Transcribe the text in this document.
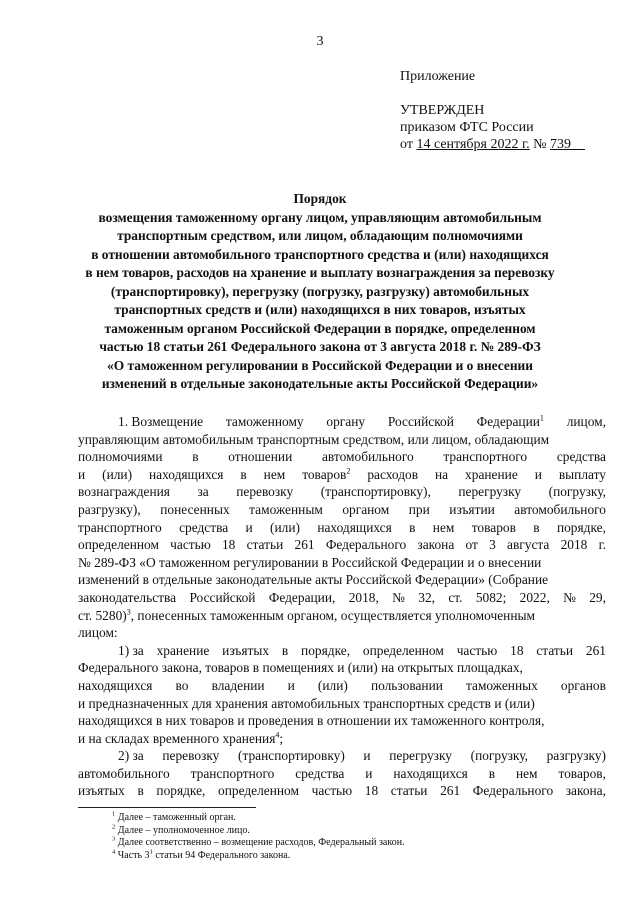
3
Приложение
УТВЕРЖДЕН
приказом ФТС России
от 14 сентября 2022 г. № 739
Порядок
возмещения таможенному органу лицом, управляющим автомобильным
транспортным средством, или лицом, обладающим полномочиями
в отношении автомобильного транспортного средства и (или) находящихся
в нем товаров, расходов на хранение и выплату вознаграждения за перевозку
(транспортировку), перегрузку (погрузку, разгрузку) автомобильных
транспортных средств и (или) находящихся в них товаров, изъятых
таможенным органом Российской Федерации в порядке, определенном
частью 18 статьи 261 Федерального закона от 3 августа 2018 г. № 289-ФЗ
«О таможенном регулировании в Российской Федерации и о внесении
изменений в отдельные законодательные акты Российской Федерации»
1. Возмещение таможенному органу Российской Федерации$^1$ лицом,
управляющим автомобильным транспортным средством, или лицом, обладающим
полномочиями в отношении автомобильного транспортного средства
и (или) находящихся в нем товаров$^2$ расходов на хранение и выплату
вознаграждения за перевозку (транспортировку), перегрузку (погрузку,
разгрузку), понесенных таможенным органом при изъятии автомобильного
транспортного средства и (или) находящихся в нем товаров в порядке,
определенном частью 18 статьи 261 Федерального закона от 3 августа 2018 г.
№ 289-ФЗ «О таможенном регулировании в Российской Федерации и о внесении
изменений в отдельные законодательные акты Российской Федерации» (Собрание
законодательства Российской Федерации, 2018, № 32, ст. 5082; 2022, № 29,
ст. 5280)$^3$ , понесенных таможенным органом, осуществляется уполномоченным
лицом:
1) за хранение изъятых в порядке, определенном частью 18 статьи 261
Федерального закона, товаров в помещениях и (или) на открытых площадках,
находящихся во владении и (или) пользовании таможенных органов
и предназначенных для хранения автомобильных транспортных средств и (или)
находящихся в них товаров и проведения в отношении их таможенного контроля,
и на складах временного хранения$^4$ ;
2) за перевозку (транспортировку) и перегрузку (погрузку, разгрузку)
автомобильного транспортного средства и находящихся в нем товаров,
изъятых в порядке, определенном частью 18 статьи 261 Федерального закона,
$^1$ Далее – таможенный орган.
$^2$ Далее – уполномоченное лицо.
$^3$ Далее соответственно – возмещение расходов, Федеральный закон.
$^4$ Часть $3^1$ статьи 94 Федерального закона.
